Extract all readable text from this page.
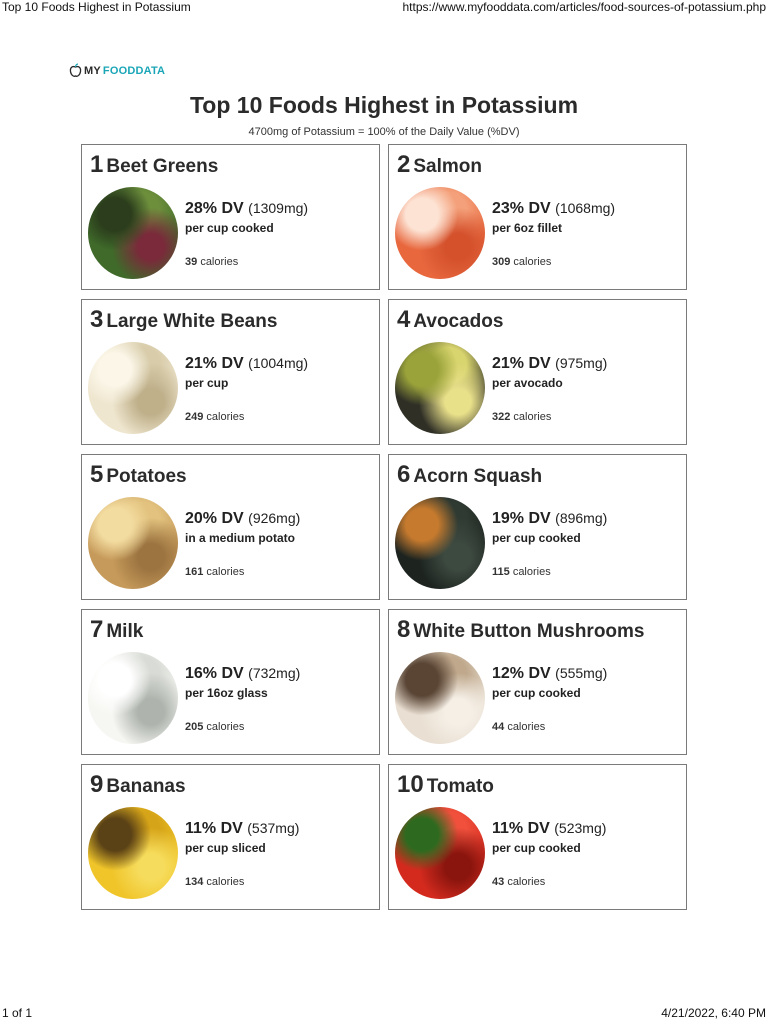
Top 10 Foods Highest in Potassium	https://www.myfooddata.com/articles/food-sources-of-potassium.php
MY FOODDATA
Top 10 Foods Highest in Potassium
4700mg of Potassium = 100% of the Daily Value (%DV)
1 Beet Greens
28% DV (1309mg)
per cup cooked
39 calories
2 Salmon
23% DV (1068mg)
per 6oz fillet
309 calories
3 Large White Beans
21% DV (1004mg)
per cup
249 calories
4 Avocados
21% DV (975mg)
per avocado
322 calories
5 Potatoes
20% DV (926mg)
in a medium potato
161 calories
6 Acorn Squash
19% DV (896mg)
per cup cooked
115 calories
7 Milk
16% DV (732mg)
per 16oz glass
205 calories
8 White Button Mushrooms
12% DV (555mg)
per cup cooked
44 calories
9 Bananas
11% DV (537mg)
per cup sliced
134 calories
10 Tomato
11% DV (523mg)
per cup cooked
43 calories
1 of 1	4/21/2022, 6:40 PM
